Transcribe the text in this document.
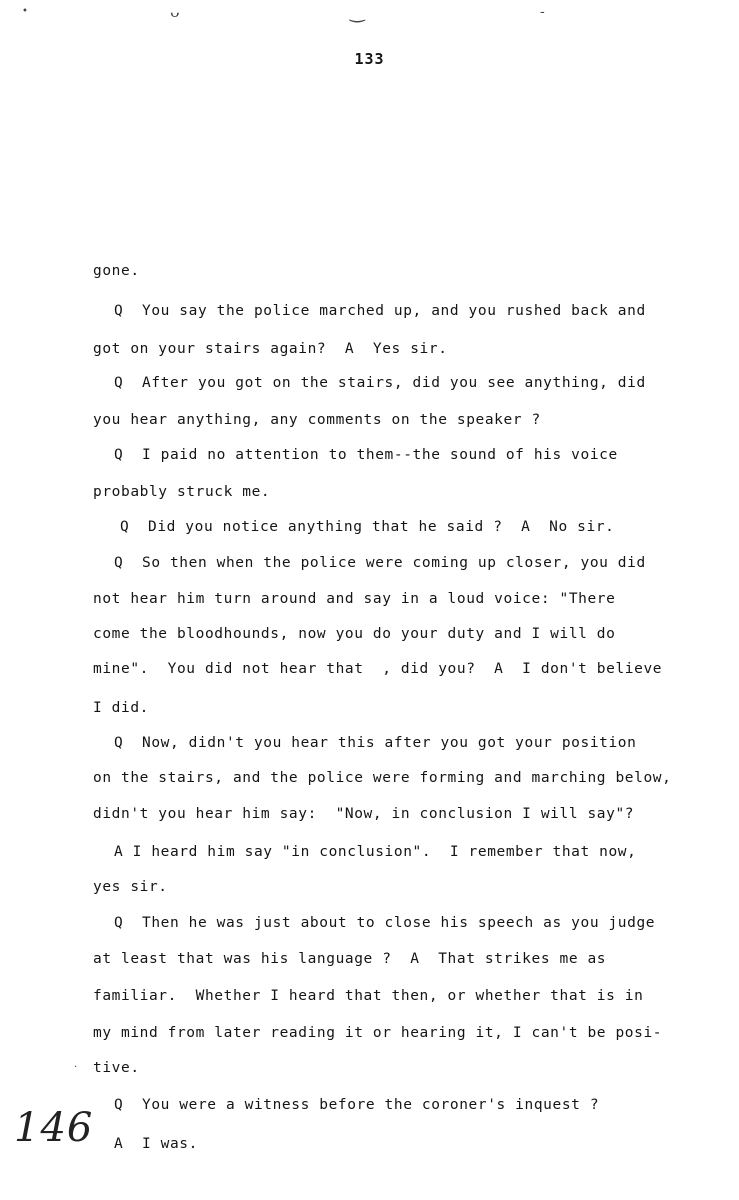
•	ᴗ	‿	-
133
gone.
Q  You say the police marched up, and you rushed back and
got on your stairs again?  A  Yes sir.
Q  After you got on the stairs, did you see anything, did
you hear anything, any comments on the speaker ?
Q  I paid no attention to them--the sound of his voice
probably struck me.
Q  Did you notice anything that he said ?  A  No sir.
Q  So then when the police were coming up closer, you did
not hear him turn around and say in a loud voice: "There
come the bloodhounds, now you do your duty and I will do
mine".  You did not hear that  , did you?  A  I don't believe
I did.
Q  Now, didn't you hear this after you got your position
on the stairs, and the police were forming and marching below,
didn't you hear him say:  "Now, in conclusion I will say"?
A I heard him say "in conclusion".  I remember that now,
yes sir.
Q  Then he was just about to close his speech as you judge
at least that was his language ?  A  That strikes me as
familiar.  Whether I heard that then, or whether that is in
my mind from later reading it or hearing it, I can't be posi-
tive.
Q  You were a witness before the coroner's inquest ?
A  I was.
·
146
